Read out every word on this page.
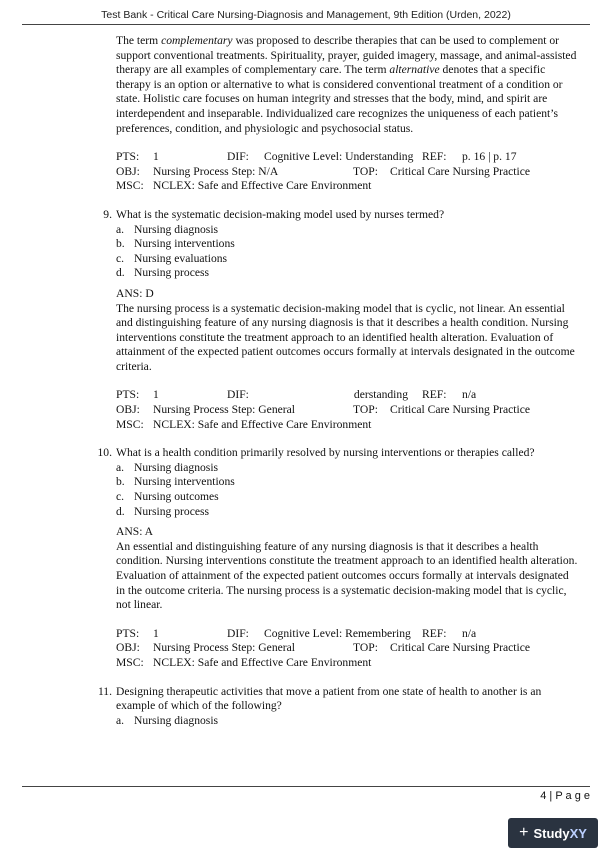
Test Bank - Critical Care Nursing-Diagnosis and Management, 9th Edition (Urden, 2022)

The term complementary was proposed to describe therapies that can be used to complement or support conventional treatments. Spirituality, prayer, guided imagery, massage, and animal-assisted therapy are all examples of complementary care. The term alternative denotes that a specific therapy is an option or alternative to what is considered conventional treatment of a condition or state. Holistic care focuses on human integrity and stresses that the body, mind, and spirit are interdependent and inseparable. Individualized care recognizes the uniqueness of each patient’s preferences, condition, and physiologic and psychosocial status.

PTS:	1	DIF:	Cognitive Level: Understanding REF:	p. 16 | p. 17
OBJ:	Nursing Process Step: N/A	TOP:	Critical Care Nursing Practice
MSC: NCLEX: Safe and Effective Care Environment

9. What is the systematic decision-making model used by nurses termed?

a. Nursing diagnosis
b. Nursing interventions
c. Nursing evaluations
d. Nursing process

ANS: D

The nursing process is a systematic decision-making model that is cyclic, not linear. An essential and distinguishing feature of any nursing diagnosis is that it describes a health condition. Nursing interventions constitute the treatment approach to an identified health alteration. Evaluation of attainment of the expected patient outcomes occurs formally at intervals designated in the outcome criteria.

PTS:	1	DIF:	derstanding	REF:	n/a
OBJ:	Nursing Process Step: General	TOP:	Critical Care Nursing Practice
MSC: NCLEX: Safe and Effective Care Environment

10. What is a health condition primarily resolved by nursing interventions or therapies called?

a. Nursing diagnosis
b. Nursing interventions
c. Nursing outcomes
d. Nursing process

ANS: A

An essential and distinguishing feature of any nursing diagnosis is that it describes a health condition. Nursing interventions constitute the treatment approach to an identified health alteration. Evaluation of attainment of the expected patient outcomes occurs formally at intervals designated in the outcome criteria. The nursing process is a systematic decision-making model that is cyclic, not linear.

PTS:	1	DIF:	Cognitive Level: Remembering REF:	n/a
OBJ:	Nursing Process Step: General	TOP:	Critical Care Nursing Practice
MSC: NCLEX: Safe and Effective Care Environment

11. Designing therapeutic activities that move a patient from one state of health to another is an example of which of the following?

a. Nursing diagnosis
4 | P a g e
+ Study XY
